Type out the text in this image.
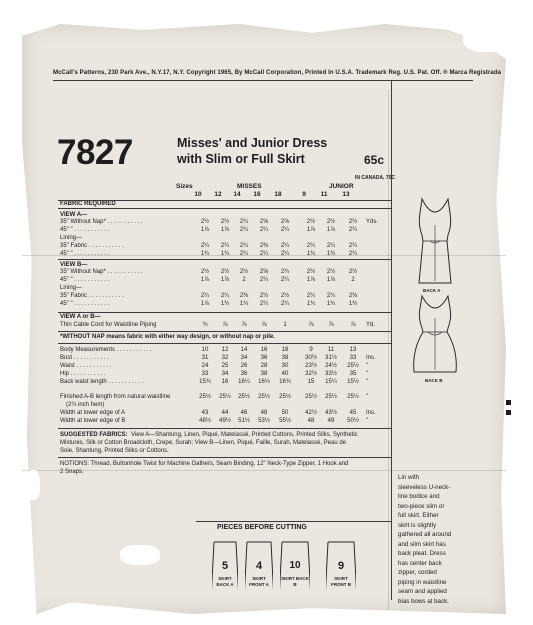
McCall's Patterns, 230 Park Ave., N.Y.17, N.Y. Copyright 1965, By McCall Corporation, Printed In U.S.A. Trademark Reg. U.S. Pat. Off. ® Marca Registrada
7827	Misses' and Junior Dress
with Slim or Full Skirt	65c
IN CANADA, 75C
Sizes	MISSES	JUNIOR
FABRIC REQUIRED
10	12	14	16	18	9	11	13
VIEW A—
35" Without Nap* . . . . . . . . . . .	2½	2½	2¼	2⅝	2⅝	2½	2½	2½	Yds.
45" " . . . . . . . . . . .	1⅞	1⅞	2¼	2¼	2¼	1⅞	1⅞	2¼
Lining—
35" Fabric . . . . . . . . . . .	2¼	2¼	2¼	2⅜	2¼	2¼	2¼	2¼
45" " . . . . . . . . . . .	1¾	1¾	2¼	2¼	2¼	1¾	1¾	2¼
VIEW B—
35" Without Nap* . . . . . . . . . . .	2½	2½	2½	2⅝	2¾	2½	2½	2½
45" " . . . . . . . . . . .	1⅞	1⅞	2	2¼	2¼	1⅞	1⅞	2
Lining—
35" Fabric . . . . . . . . . . .	2¼	2¼	2⅜	2½	2½	2¼	2¼	2⅜
45" " . . . . . . . . . . .	1⅞	1¾	1¾	2¼	2¼	1¾	1¾	1¾
VIEW A or B—
Thin Cable Cord for Waistline Piping	¾	⅞	⅞	⅞	1	⅞	⅞	⅞	Yd.
*WITHOUT NAP means fabric with either way design, or without nap or pile.
Body Measurements . . . . . . . . . . .	10	12	14	16	18	9	11	13
Bust . . . . . . . . . . .	31	32	34	36	38	30½	31½	33	Ins.
Waist . . . . . . . . . . .	24	25	26	28	30	23½	24½	25½	"
Hip . . . . . . . . . . .	33	34	36	38	40	32½	33½	35	"
Back waist length . . . . . . . . . . .	15¾	16	16¼	16½	16¾	15	15¼	15½	"
Finished A-B length from natural waistline	25½	25½	25½	25½	25½	25½	25½	25½	"
(2¾ inch hem)
Width at lower edge of A	43	44	46	48	50	42½	43½	45	Ins.
Width at lower edge of B	48½	49½	51½	53½	55½	48	49	50½	"
SUGGESTED FABRICS: View A—Shantung, Linen, Piqué, Matelassé, Printed Cottons, Printed Silks, Synthetic
Mixtures, Silk or Cotton Broadcloth, Crepe, Surah; View B—Linen, Piqué, Faille, Surah, Matelassé, Peau de
Soie, Shantung, Printed Silks or Cottons.
NOTIONS: Thread, Buttonhole Twist for Machine Gathers, Seam Binding, 12" Neck-Type Zipper, 1 Hook and
2 Snaps.
BACK A
BACK B
Lin with
sleeveless U-neck-
line bodice and
two-piece slim or
full skirt. Either
skirt is slightly
gathered all around
and slim skirt has
back pleat. Dress
has center back
zipper, corded
piping in waistline
seam and applied
bias bows at back.
PIECES BEFORE CUTTING
5
SKIRT BACK A
4
SKIRT FRONT A
10
SKIRT BACK B
9
SKIRT FRONT B
